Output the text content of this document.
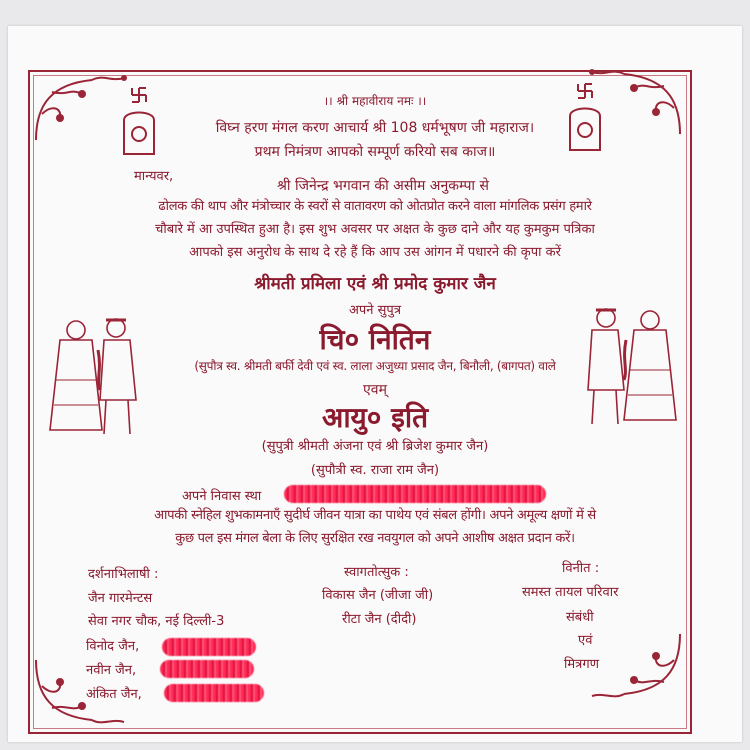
।। श्री महावीराय नमः ।।
विघ्न हरण मंगल करण आचार्य श्री 108 धर्मभूषण जी महाराज।
प्रथम निमंत्रण आपको सम्पूर्ण करियो सब काज॥
मान्यवर,
श्री जिनेन्द्र भगवान की असीम अनुकम्पा से
ढोलक की थाप और मंत्रोच्चार के स्वरों से वातावरण को ओतप्रोत करने वाला मांगलिक प्रसंग हमारे
चौबारे में आ उपस्थित हुआ है। इस शुभ अवसर पर अक्षत के कुछ दाने और यह कुमकुम पत्रिका
आपको इस अनुरोध के साथ दे रहे हैं कि आप उस आंगन में पधारने की कृपा करें
श्रीमती प्रमिला एवं श्री प्रमोद कुमार जैन
अपने सुपुत्र
चि० नितिन
(सुपौत्र स्व. श्रीमती बर्फी देवी एवं स्व. लाला अजुध्या प्रसाद जैन, बिनौली, (बागपत) वाले
एवम्
आयु० इति
(सुपुत्री श्रीमती अंजना एवं श्री ब्रिजेश कुमार जैन)
(सुपौत्री स्व. राजा राम जैन)
अपने निवास स्था
आपकी स्नेहिल शुभकामनाएँ सुदीर्घ जीवन यात्रा का पाथेय एवं संबल होंगी। अपने अमूल्य क्षणों में से
कुछ पल इस मंगल बेला के लिए सुरक्षित रख नवयुगल को अपने आशीष अक्षत प्रदान करें।
दर्शनाभिलाषी :
जैन गारमेन्टस
सेवा नगर चौक, नई दिल्ली-3
विनोद जैन,
नवीन जैन,
अंकित जैन,
स्वागतोत्सुक :
विकास जैन (जीजा जी)
रीटा जैन (दीदी)
विनीत :
समस्त तायल परिवार
संबंधी
एवं
मित्रगण
